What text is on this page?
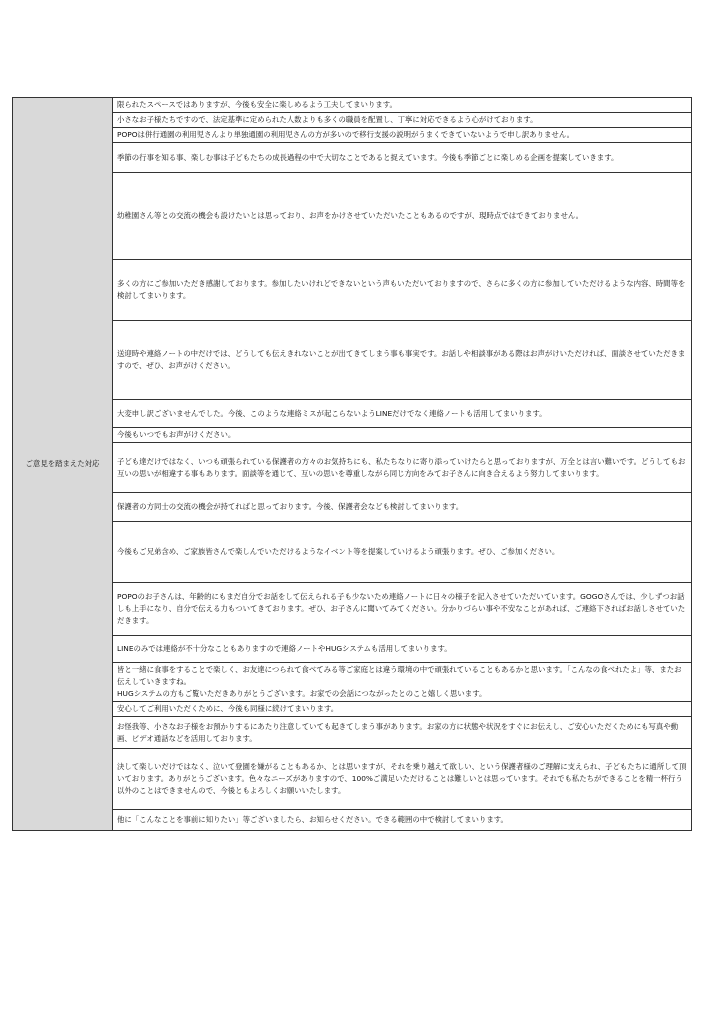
ご意見を踏まえた対応	
限られたスペースではありますが、今後も安全に楽しめるよう工夫してまいります。

小さなお子様たちですので、法定基準に定められた人数よりも多くの職員を配置し、丁寧に対応できるよう心がけております。

POPOは併行通園の利用児さんより単独通園の利用児さんの方が多いので移行支援の説明がうまくできていないようで申し訳ありません。

季節の行事を知る事、楽しむ事は子どもたちの成長過程の中で大切なことであると捉えています。今後も季節ごとに楽しめる企画を提案していきます。

幼稚園さん等との交流の機会も設けたいとは思っており、お声をかけさせていただいたこともあるのですが、現時点ではできておりません。

多くの方にご参加いただき感謝しております。参加したいけれどできないという声もいただいておりますので、さらに多くの方に参加していただけるような内容、時間等を検討してまいります。

送迎時や連絡ノートの中だけでは、どうしても伝えきれないことが出てきてしまう事も事実です。お話しや相談事がある際はお声がけいただければ、面談させていただきますので、ぜひ、お声がけください。

大変申し訳ございませんでした。今後、このような連絡ミスが起こらないようLINEだけでなく連絡ノートも活用してまいります。

今後もいつでもお声がけください。

子ども達だけではなく、いつも頑張られている保護者の方々のお気持ちにも、私たちなりに寄り添っていけたらと思っておりますが、万全とは言い難いです。どうしてもお互いの思いが相違する事もあります。面談等を通じて、互いの思いを尊重しながら同じ方向をみてお子さんに向き合えるよう努力してまいります。

保護者の方同士の交流の機会が持てればと思っております。今後、保護者会なども検討してまいります。

今後もご兄弟含め、ご家族皆さんで楽しんでいただけるようなイベント等を提案していけるよう頑張ります。ぜひ、ご参加ください。

POPOのお子さんは、年齢的にもまだ自分でお話をして伝えられる子も少ないため連絡ノートに日々の様子を記入させていただいています。GOGOさんでは、少しずつお話しも上手になり、自分で伝える力もついてきております。ぜひ、お子さんに聞いてみてください。分かりづらい事や不安なことがあれば、ご連絡下さればお話しさせていただきます。

LINEのみでは連絡が不十分なこともありますので連絡ノートやHUGシステムも活用してまいります。

皆と一緒に食事をすることで楽しく、お友達につられて食べてみる等ご家庭とは違う環境の中で頑張れていることもあるかと思います。「こんなの食べれたよ」等、またお伝えしていきますね。
HUGシステムの方もご覧いただきありがとうございます。お家での会話につながったとのこと嬉しく思います。

安心してご利用いただくために、今後も同様に続けてまいります。

お怪我等、小さなお子様をお預かりするにあたり注意していても起きてしまう事があります。お家の方に状態や状況をすぐにお伝えし、ご安心いただくためにも写真や動画、ビデオ通話などを活用しております。

決して楽しいだけではなく、泣いて登園を嫌がることもあるか、とは思いますが、それを乗り越えて欲しい、という保護者様のご理解に支えられ、子どもたちに通所して頂いております。ありがとうございます。色々なニーズがありますので、100%ご満足いただけることは難しいとは思っています。それでも私たちができることを精一杯行う以外のことはできませんので、今後ともよろしくお願いいたします。

他に「こんなことを事前に知りたい」等ございましたら、お知らせください。できる範囲の中で検討してまいります。
